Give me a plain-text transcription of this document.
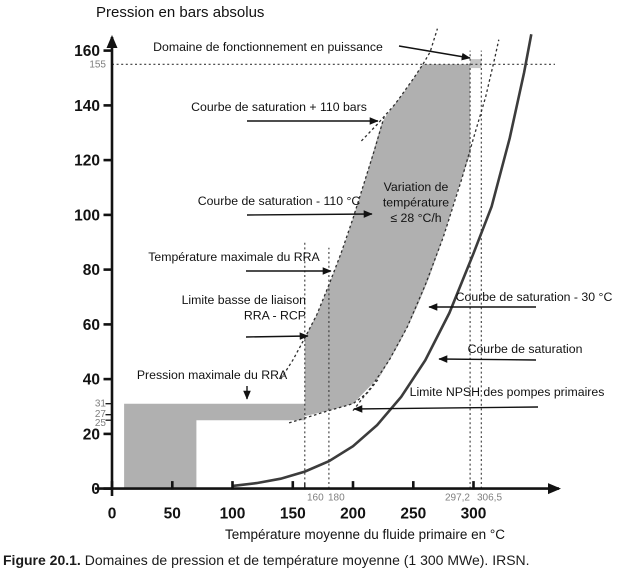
0	50 100 150 200 250 300
160 180	297,2 306,5
0
20
40
60
80
100
120
140
160
155
31
27
25
Domaine de fonctionnement en puissance
Courbe de saturation + 110 bars
Courbe de saturation - 110 °C
Variation de température ≤ 28 °C/h
Température maximale du RRA
Limite basse de liaison RRA - RCP
Courbe de saturation - 30 °C
Courbe de saturation
Limite NPSH des pompes primaires
Pression maximale du RRA
Pression en bars absolus
Température moyenne du fluide primaire en °C
Figure 20.1. Domaines de pression et de température moyenne (1 300 MWe). IRSN.
